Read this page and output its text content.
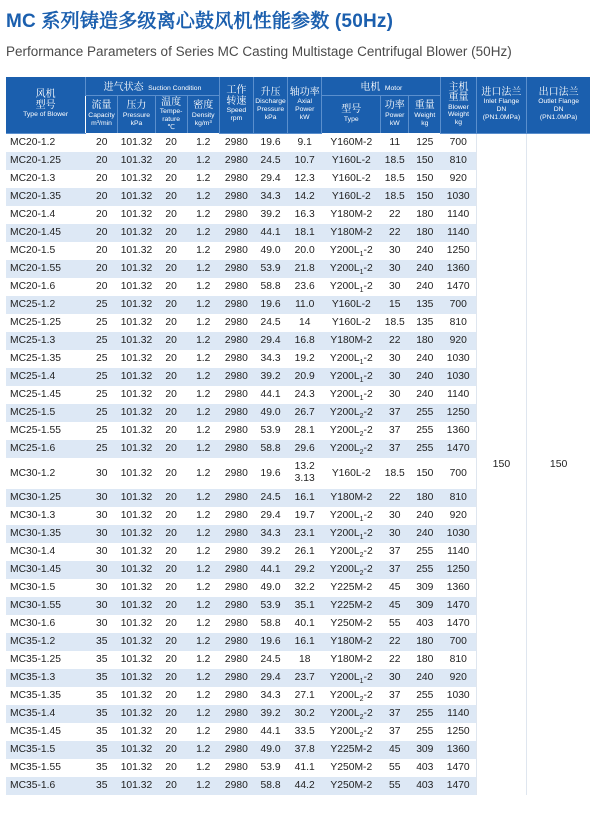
MC 系列铸造多级离心鼓风机性能参数 (50Hz)
Performance Parameters of Series MC Casting Multistage Centrifugal Blower (50Hz)
风机
型号
Type of Blower	进气状态 Suction Condition				工作
转速
Speed
rpm	升压
Discharge
Pressure
kPa	轴功率
Axial
Power
kW	电机 Motor			主机
重量
Blower
Weight
kg	进口法兰
Inlet Flange
DN
(PN1.0MPa)	出口法兰
Outlet Flange
DN
(PN1.0MPa)

	流量
Capacity
m³/min	压力
Pressure
kPa	温度
Tempe-
rature
℃	密度
Density
kg/m³				型号
Type	功率
Power
kW	重量
Weight
kg			

MC20-1.2	20	101.32	20	1.2	2980	19.6	9.1	Y160M-2	11	125	700	150	150
MC20-1.25	20	101.32	20	1.2	2980	24.5	10.7	Y160L-2	18.5	150	810		
MC20-1.3	20	101.32	20	1.2	2980	29.4	12.3	Y160L-2	18.5	150	920		
MC20-1.35	20	101.32	20	1.2	2980	34.3	14.2	Y160L-2	18.5	150	1030		
MC20-1.4	20	101.32	20	1.2	2980	39.2	16.3	Y180M-2	22	180	1140		
MC20-1.45	20	101.32	20	1.2	2980	44.1	18.1	Y180M-2	22	180	1140		
MC20-1.5	20	101.32	20	1.2	2980	49.0	20.0	$Y200L_1-2$	30	240	1250		
MC20-1.55	20	101.32	20	1.2	2980	53.9	21.8	$Y200L_1-2$	30	240	1360		
MC20-1.6	20	101.32	20	1.2	2980	58.8	23.6	$Y200L_1-2$	30	240	1470		
MC25-1.2	25	101.32	20	1.2	2980	19.6	11.0	Y160L-2	15	135	700		
MC25-1.25	25	101.32	20	1.2	2980	24.5	14	Y160L-2	18.5	135	810		
MC25-1.3	25	101.32	20	1.2	2980	29.4	16.8	Y180M-2	22	180	920		
MC25-1.35	25	101.32	20	1.2	2980	34.3	19.2	$Y200L_1-2$	30	240	1030		
MC25-1.4	25	101.32	20	1.2	2980	39.2	20.9	$Y200L_1-2$	30	240	1030		
MC25-1.45	25	101.32	20	1.2	2980	44.1	24.3	$Y200L_1-2$	30	240	1140		
MC25-1.5	25	101.32	20	1.2	2980	49.0	26.7	$Y200L_2-2$	37	255	1250		
MC25-1.55	25	101.32	20	1.2	2980	53.9	28.1	$Y200L_2-2$	37	255	1360		
MC25-1.6	25	101.32	20	1.2	2980	58.8	29.6	$Y200L_2-2$	37	255	1470		
MC30-1.2	30	101.32	20	1.2	2980	19.6	13.2
3.13	Y160L-2	18.5	150	700		
MC30-1.25	30	101.32	20	1.2	2980	24.5	16.1	Y180M-2	22	180	810		
MC30-1.3	30	101.32	20	1.2	2980	29.4	19.7	$Y200L_1-2$	30	240	920		
MC30-1.35	30	101.32	20	1.2	2980	34.3	23.1	$Y200L_1-2$	30	240	1030		
MC30-1.4	30	101.32	20	1.2	2980	39.2	26.1	$Y200L_2-2$	37	255	1140		
MC30-1.45	30	101.32	20	1.2	2980	44.1	29.2	$Y200L_2-2$	37	255	1250		
MC30-1.5	30	101.32	20	1.2	2980	49.0	32.2	Y225M-2	45	309	1360		
MC30-1.55	30	101.32	20	1.2	2980	53.9	35.1	Y225M-2	45	309	1470		
MC30-1.6	30	101.32	20	1.2	2980	58.8	40.1	Y250M-2	55	403	1470		
MC35-1.2	35	101.32	20	1.2	2980	19.6	16.1	Y180M-2	22	180	700		
MC35-1.25	35	101.32	20	1.2	2980	24.5	18	Y180M-2	22	180	810		
MC35-1.3	35	101.32	20	1.2	2980	29.4	23.7	$Y200L_1-2$	30	240	920		
MC35-1.35	35	101.32	20	1.2	2980	34.3	27.1	$Y200L_2-2$	37	255	1030		
MC35-1.4	35	101.32	20	1.2	2980	39.2	30.2	$Y200L_2-2$	37	255	1140		
MC35-1.45	35	101.32	20	1.2	2980	44.1	33.5	$Y200L_2-2$	37	255	1250		
MC35-1.5	35	101.32	20	1.2	2980	49.0	37.8	Y225M-2	45	309	1360		
MC35-1.55	35	101.32	20	1.2	2980	53.9	41.1	Y250M-2	55	403	1470		
MC35-1.6	35	101.32	20	1.2	2980	58.8	44.2	Y250M-2	55	403	1470		
